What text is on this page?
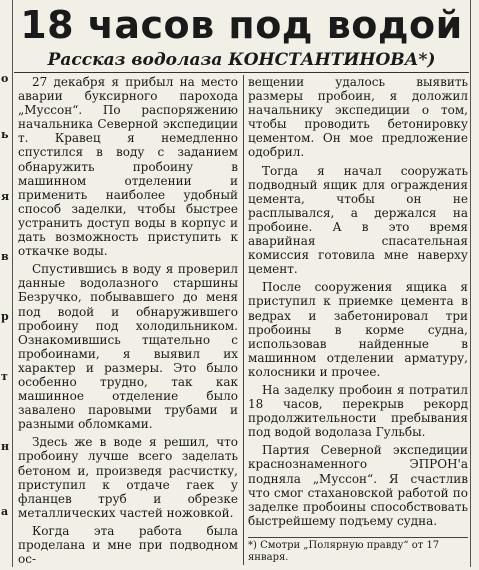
о
ь
я
в
р
т
н
а
18 часов под водой
Рассказ водолаза КОНСТАНТИНОВА*)

27 декабря я прибыл на место аварии буксирного парохода „Муссон“. По распоряжению начальника Северной экспедиции т. Кравец я немедленно спустился в воду с заданием обнаружить пробоину в машинном отделении и применить наиболее удобный способ заделки, чтобы быстрее устранить доступ воды в корпус и дать возможность приступить к откачке воды.

Спустившись в воду я проверил данные водолазного старшины Безручко, побывавшего до меня под водой и обнаружившего пробоину под холодильником. Ознакомившись тщательно с пробоинами, я выявил их характер и размеры. Это было особенно трудно, так как машинное отделение было завалено паровыми трубами и разными обломками.

Здесь же в воде я решил, что пробоину лучше всего заделать бетоном и, произведя расчистку, приступил к отдаче гаек у фланцев труб и обрезке металлических частей ножовкой.

Когда эта работа была проделана и мне при подводном ос-

вещении удалось выявить размеры пробоин, я доложил начальнику экспедиции о том, чтобы проводить бетонировку цементом. Он мое предложение одобрил.

Тогда я начал сооружать подводный ящик для ограждения цемента, чтобы он не расплывался, а держался на пробоине. А в это время аварийная спасательная комиссия готовила мне наверху цемент.

После сооружения ящика я приступил к приемке цемента в ведрах и забетонировал три пробоины в корме судна, использовав найденные в машинном отделении арматуру, колосники и прочее.

На заделку пробоин я потратил 18 часов, перекрыв рекорд продолжительности пребывания под водой водолаза Гульбы.

Партия Северной экспедиции краснознаменного ЭПРОН'а подняла „Муссон“. Я счастлив что смог стахановской работой по заделке пробоины способствовать быстрейшему подъему судна.

*) Смотри „Полярную правду“ от 17 января.
